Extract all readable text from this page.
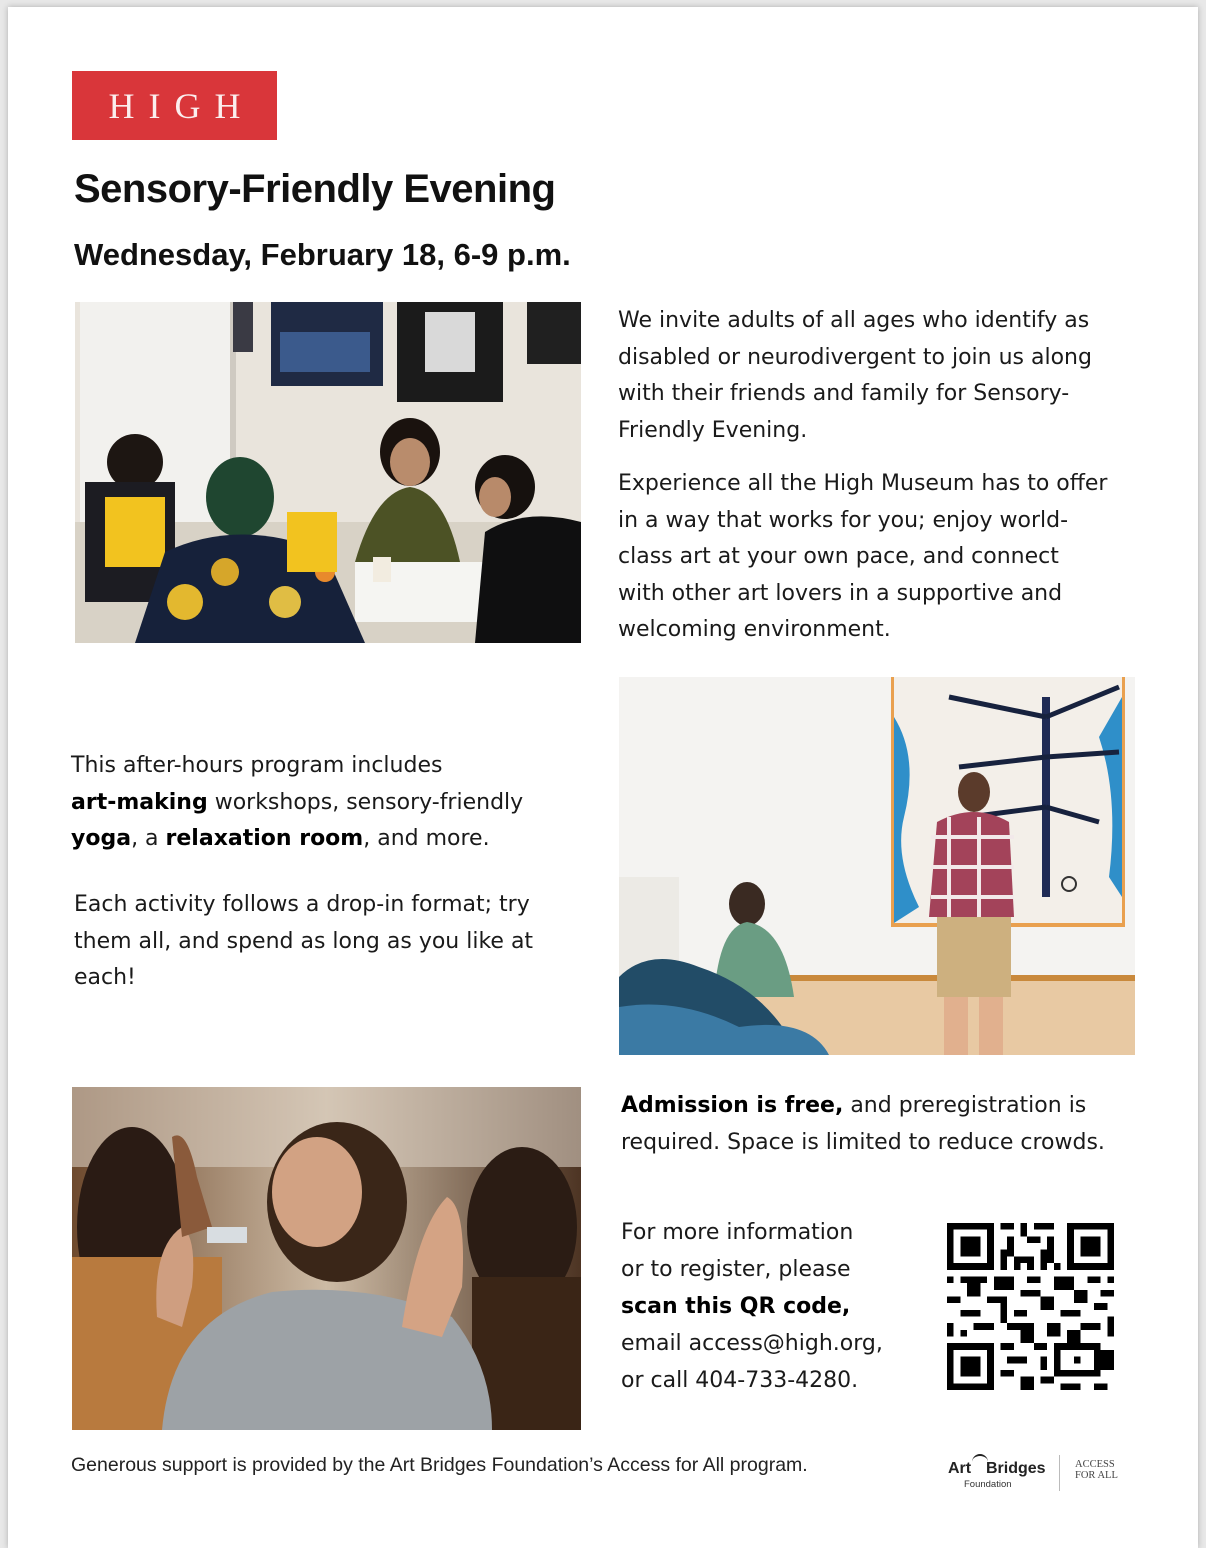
HIGH
Sensory-Friendly Evening
Wednesday, February 18, 6-9 p.m.

We invite adults of all ages who identify as disabled or neurodivergent to join us along with their friends and family for Sensory-Friendly Evening.

Experience all the High Museum has to offer in a way that works for you; enjoy world-class art at your own pace, and connect with other art lovers in a supportive and welcoming environment.

This after-hours program includes
art-making workshops, sensory-friendly
yoga, a relaxation room, and more.

Each activity follows a drop-in format; try them all, and spend as long as you like at each!

Admission is free, and preregistration is required. Space is limited to reduce crowds.

For more information
or to register, please
scan this QR code,
email access@high.org,
or call 404-733-4280.

Generous support is provided by the Art Bridges Foundation’s Access for All program.	Art Bridges
Foundation
ACCESS
FOR ALL
